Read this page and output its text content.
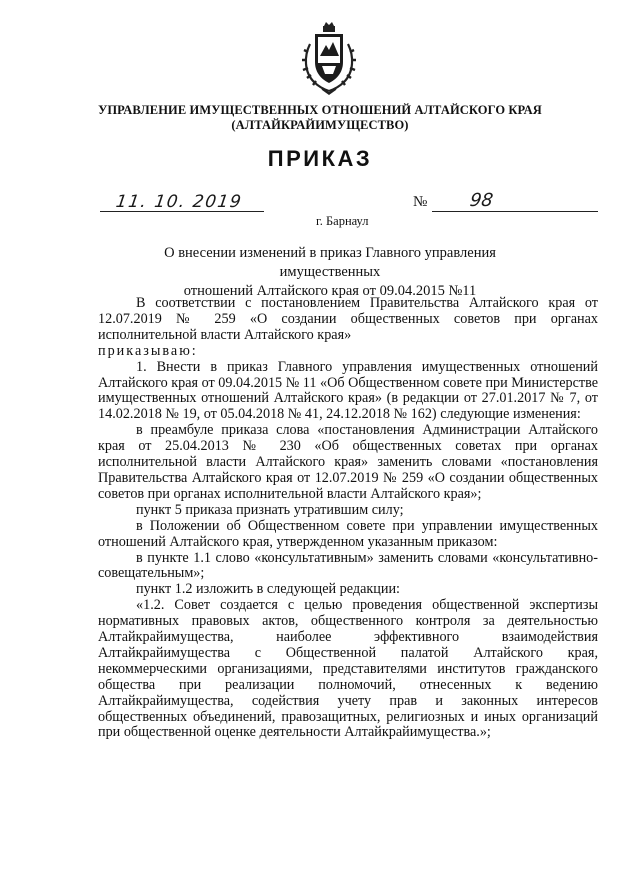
УПРАВЛЕНИЕ ИМУЩЕСТВЕННЫХ ОТНОШЕНИЙ АЛТАЙСКОГО КРАЯ
(АЛТАЙКРАЙИМУЩЕСТВО)
ПРИКАЗ
11. 10. 2019	№ 98
г. Барнаул
О внесении изменений в приказ Главного управления имущественных
отношений Алтайского края от 09.04.2015 №11

В соответствии с постановлением Правительства Алтайского края от 12.07.2019 № 259 «О создании общественных советов при органах исполнительной власти Алтайского края»

приказываю:

1. Внести в приказ Главного управления имущественных отношений Алтайского края от 09.04.2015 № 11 «Об Общественном совете при Министерстве имущественных отношений Алтайского края» (в редакции от 27.01.2017 № 7, от 14.02.2018 № 19, от 05.04.2018 № 41, 24.12.2018 № 162) следующие изменения:

в преамбуле приказа слова «постановления Администрации Алтайского края от 25.04.2013 № 230 «Об общественных советах при органах исполнительной власти Алтайского края» заменить словами «постановления Правительства Алтайского края от 12.07.2019 № 259 «О создании общественных советов при органах исполнительной власти Алтайского края»;

пункт 5 приказа признать утратившим силу;

в Положении об Общественном совете при управлении имущественных отношений Алтайского края, утвержденном указанным приказом:

в пункте 1.1 слово «консультативным» заменить словами «консультативно-совещательным»;

пункт 1.2 изложить в следующей редакции:

«1.2. Совет создается с целью проведения общественной экспертизы нормативных правовых актов, общественного контроля за деятельностью Алтайкрайимущества, наиболее эффективного взаимодействия Алтайкрайимущества с Общественной палатой Алтайского края, некоммерческими организациями, представителями институтов гражданского общества при реализации полномочий, отнесенных к ведению Алтайкрайимущества, содействия учету прав и законных интересов общественных объединений, правозащитных, религиозных и иных организаций при общественной оценке деятельности Алтайкрайимущества.»;
